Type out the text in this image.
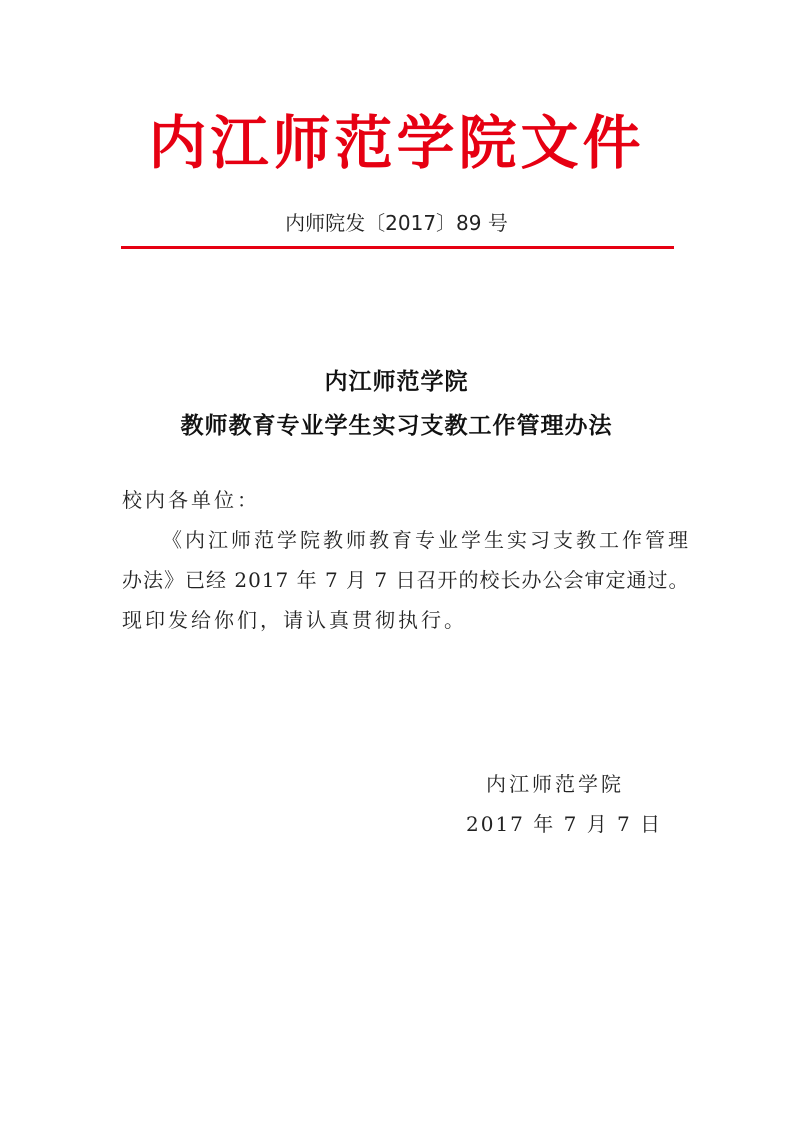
内江师范学院文件
内师院发〔2017〕89 号
内江师范学院
教师教育专业学生实习支教工作管理办法
校内各单位：
《内江师范学院教师教育专业学生实习支教工作管理
办法》已经 2017 年 7 月 7 日召开的校长办公会审定通过。
现印发给你们，请认真贯彻执行。
内江师范学院
2017 年 7 月 7 日
